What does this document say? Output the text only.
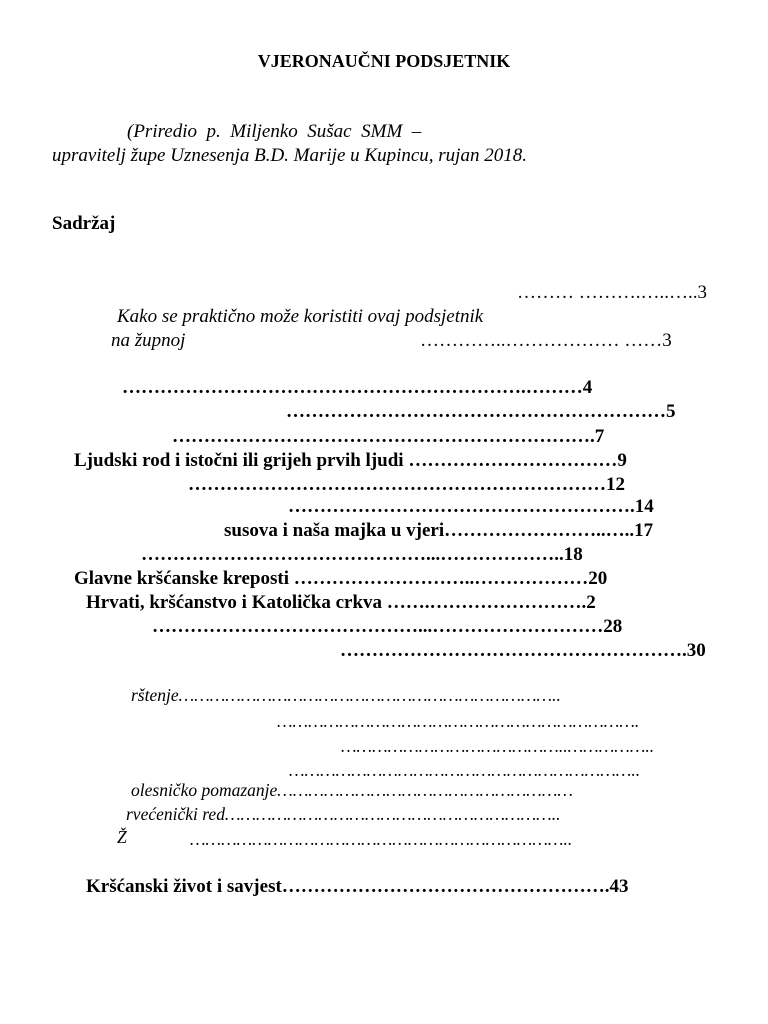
VJERONAUČNI PODSJETNIK
(Priredio  p.  Miljenko  Sušac  SMM  –
upravitelj župe Uznesenja B.D. Marije u Kupincu, rujan 2018.
Sadržaj
……… ……….…..…..3
Kako se praktično može koristiti ovaj podsjetnik
na župnoj	…………..……………… ……3
……………………………………………………….………4
……………………………………………………5
………………………………………………………….7
Ljudski rod i istočni ili grijeh prvih ljudi ……………………………9
…………………………………………………………12
……………………………………………….14
susova i naša majka u vjeri……………………..…..17
………………………………………...………………..18
Glavne kršćanske kreposti ………………………..………………20
Hrvati, kršćanstvo i Katolička crkva …….…………………….2
……………………………………...………………………28
……………………………………………….30
rštenje………………………………………………………………..
…………………………………………………………….
……………………………………..……………..
…………………………………………………………..
olesničko pomazanje…………………………………………………
rvećenički red………………………………………………………..
Ž	………………………………………………………………..
Kršćanski život i savjest…………………………………………….43
